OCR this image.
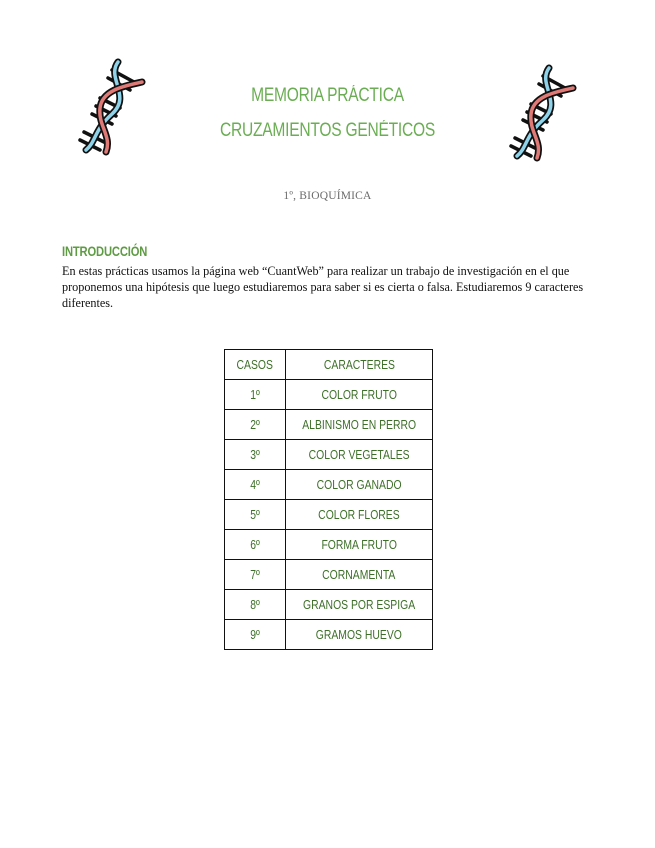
MEMORIA PRÁCTICA
CRUZAMIENTOS GENÉTICOS
1º, BIOQUÍMICA
INTRODUCCIÓN
En estas prácticas usamos la página web “CuantWeb” para realizar un trabajo de investigación en el que proponemos una hipótesis que luego estudiaremos para saber si es cierta o falsa. Estudiaremos 9 caracteres diferentes.
CASOS	CARACTERES
1º	COLOR FRUTO
2º	ALBINISMO EN PERRO
3º	COLOR VEGETALES
4º	COLOR GANADO
5º	COLOR FLORES
6º	FORMA FRUTO
7º	CORNAMENTA
8º	GRANOS POR ESPIGA
9º	GRAMOS HUEVO
